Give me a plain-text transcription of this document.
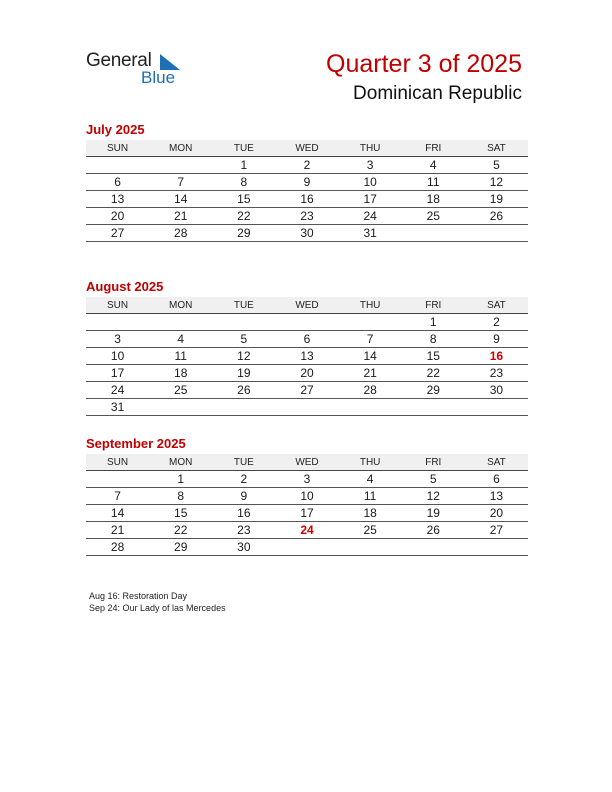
General
Blue	Quarter 3 of 2025
Dominican Republic
July 2025
SUN	MON	TUE	WED	THU	FRI	SAT
		1	2	3	4	5
6	7	8	9	10	11	12
13	14	15	16	17	18	19
20	21	22	23	24	25	26
27	28	29	30	31		
August 2025
SUN	MON	TUE	WED	THU	FRI	SAT
					1	2
3	4	5	6	7	8	9
10	11	12	13	14	15	16
17	18	19	20	21	22	23
24	25	26	27	28	29	30
31						
September 2025
SUN	MON	TUE	WED	THU	FRI	SAT
	1	2	3	4	5	6
7	8	9	10	11	12	13
14	15	16	17	18	19	20
21	22	23	24	25	26	27
28	29	30				
Aug 16: Restoration Day
Sep 24: Our Lady of las Mercedes
